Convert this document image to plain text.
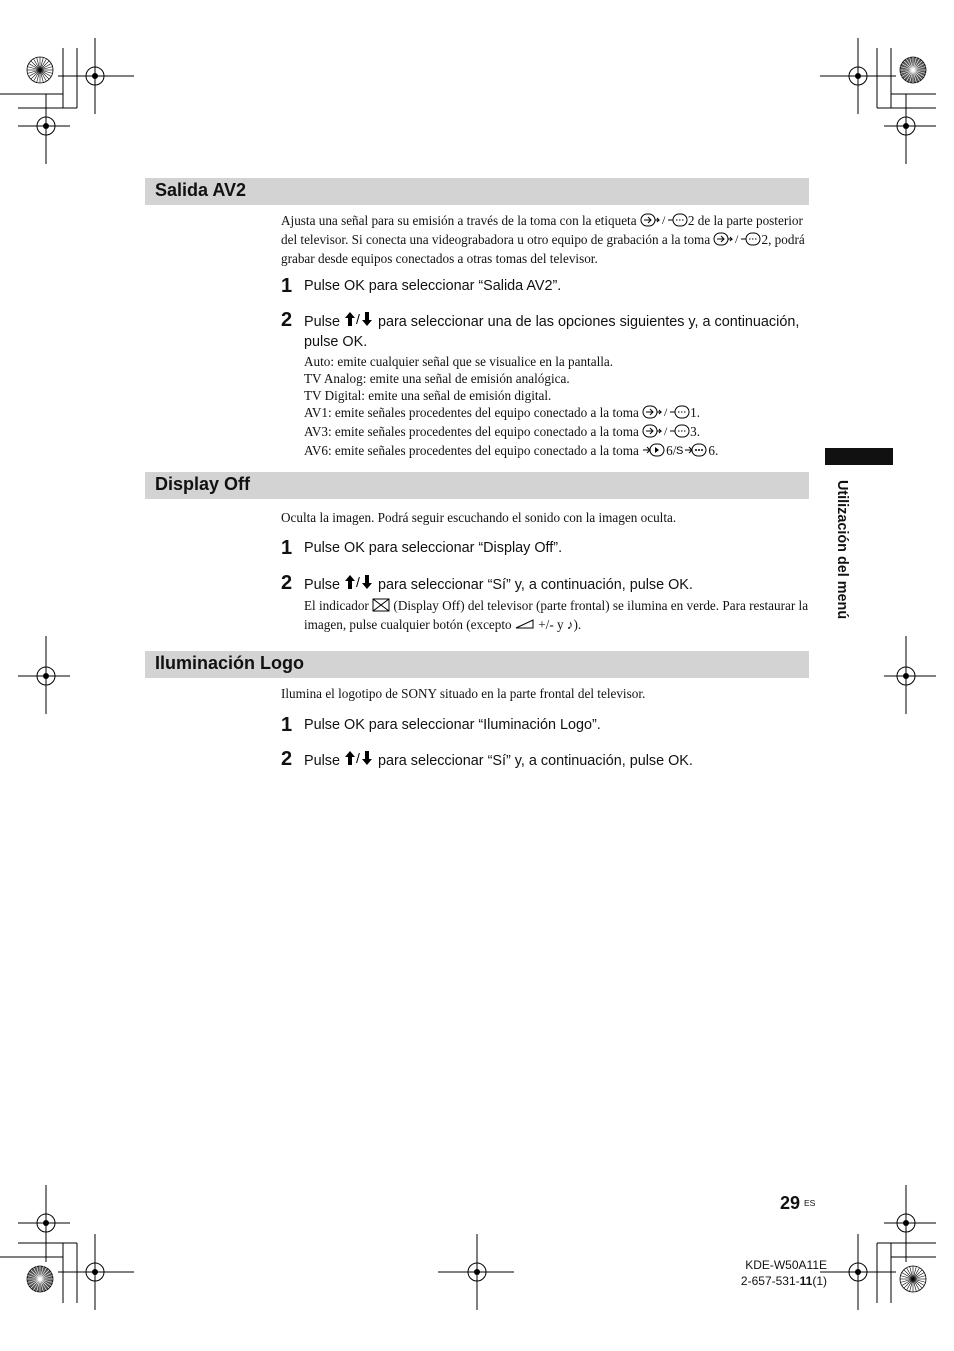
Salida AV2
Ajusta una señal para su emisión a través de la toma con la etiqueta / 2 de la parte posterior del televisor. Si conecta una videograbadora u otro equipo de grabación a la toma / 2, podrá grabar desde equipos conectados a otras tomas del televisor.
1 Pulse OK para seleccionar “Salida AV2”.
2 Pulse / para seleccionar una de las opciones siguientes y, a continuación, pulse OK.
Auto: emite cualquier señal que se visualice en la pantalla.
TV Analog: emite una señal de emisión analógica.
TV Digital: emite una señal de emisión digital.
AV1: emite señales procedentes del equipo conectado a la toma / 1.
AV3: emite señales procedentes del equipo conectado a la toma / 3.
AV6: emite señales procedentes del equipo conectado a la toma 6/ S 6.
Display Off
Oculta la imagen. Podrá seguir escuchando el sonido con la imagen oculta.
1 Pulse OK para seleccionar “Display Off”.
2 Pulse / para seleccionar “Sí” y, a continuación, pulse OK.
El indicador  (Display Off) del televisor (parte frontal) se ilumina en verde. Para restaurar la imagen, pulse cualquier botón (excepto  +/- y ♪).
Iluminación Logo
Ilumina el logotipo de SONY situado en la parte frontal del televisor.
1 Pulse OK para seleccionar “Iluminación Logo”.
2 Pulse / para seleccionar “Sí” y, a continuación, pulse OK.
Utilización del menú
29 ES
KDE-W50A11E
2-657-531-11(1)
